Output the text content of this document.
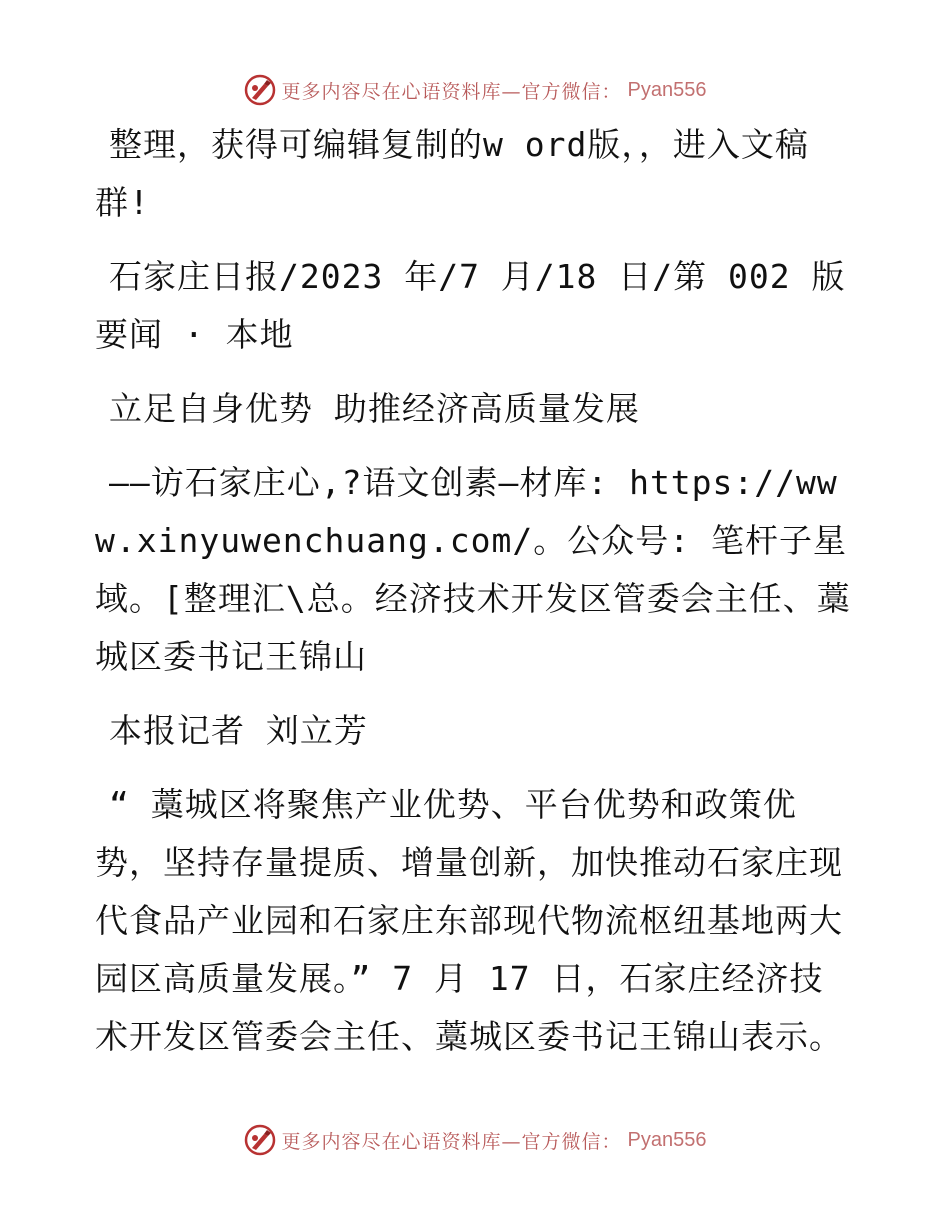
更多内容尽在心语资料库—官方微信： Pyan556

整理，获得可编辑复制的w ord版，，进入文稿群!

石家庄日报/2023 年/7 月/18 日/第 002 版要闻 · 本地

立足自身优势 助推经济高质量发展

——访石家庄心,?语文创素—材库: https://www.xinyuwenchuang.com/。公众号: 笔杆子星域。[整理汇\总。经济技术开发区管委会主任、藁城区委书记王锦山

本报记者 刘立芳

“ 藁城区将聚焦产业优势、平台优势和政策优势，坚持存量提质、增量创新，加快推动石家庄现代食品产业园和石家庄东部现代物流枢纽基地两大园区高质量发展。” 7 月 17 日，石家庄经济技术开发区管委会主任、藁城区委书记王锦山表示。

更多内容尽在心语资料库—官方微信： Pyan556
